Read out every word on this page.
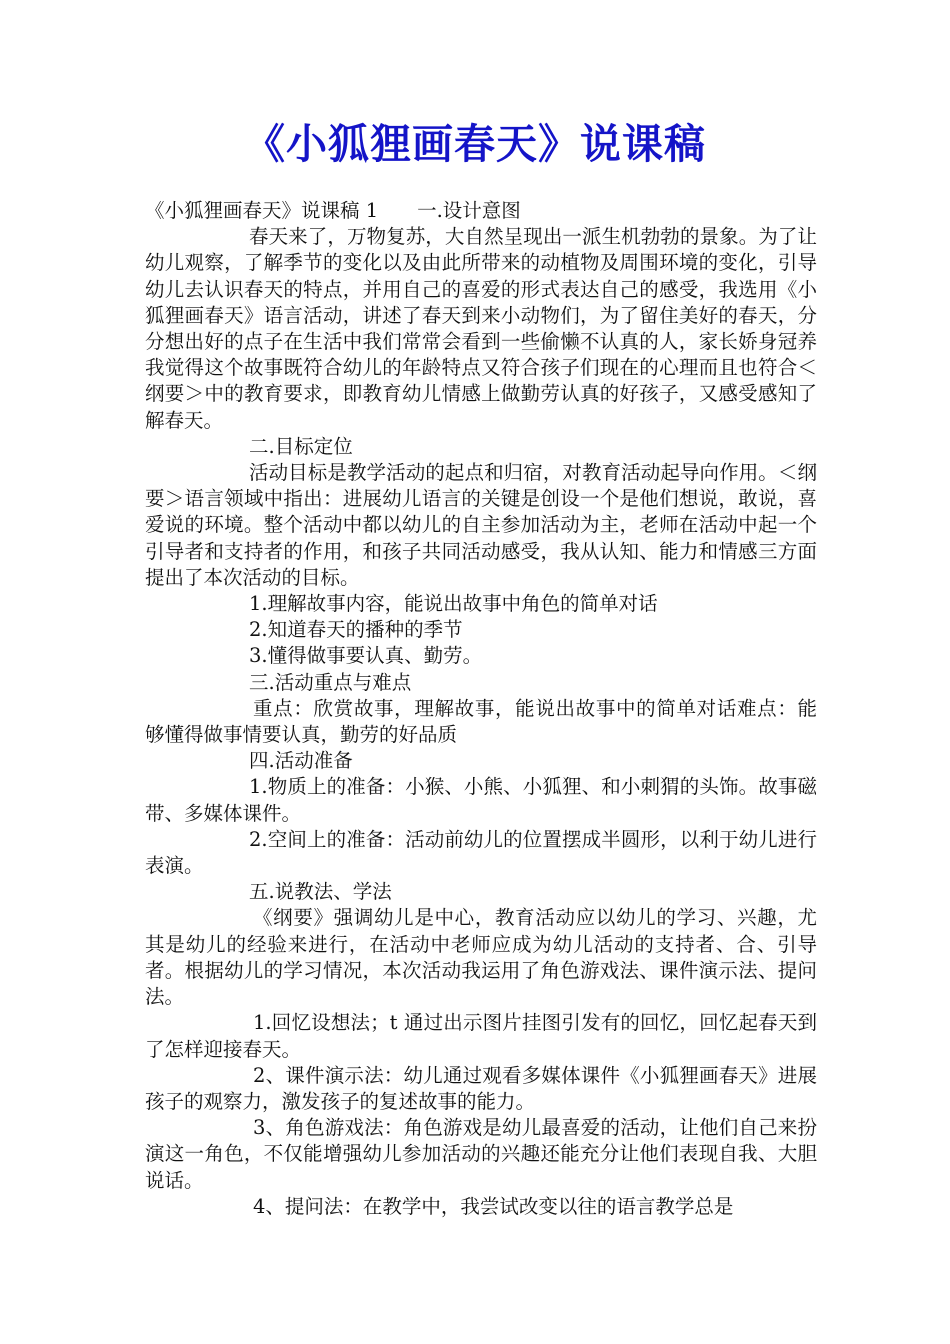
《小狐狸画春天》说课稿

《小狐狸画春天》说课稿 1　　一.设计意图

春天来了，万物复苏，大自然呈现出一派生机勃勃的景象。为了让幼儿观察，了解季节的变化以及由此所带来的动植物及周围环境的变化，引导幼儿去认识春天的特点，并用自己的喜爱的形式表达自己的感受，我选用《小狐狸画春天》语言活动，讲述了春天到来小动物们，为了留住美好的春天，分分想出好的点子在生活中我们常常会看到一些偷懒不认真的人，家长娇身冠养我觉得这个故事既符合幼儿的年龄特点又符合孩子们现在的心理而且也符合＜纲要＞中的教育要求，即教育幼儿情感上做勤劳认真的好孩子，又感受感知了解春天。

二.目标定位

活动目标是教学活动的起点和归宿，对教育活动起导向作用。＜纲要＞语言领域中指出：进展幼儿语言的关键是创设一个是他们想说，敢说，喜爱说的环境。整个活动中都以幼儿的自主参加活动为主，老师在活动中起一个引导者和支持者的作用，和孩子共同活动感受，我从认知、能力和情感三方面提出了本次活动的目标。

1.理解故事内容，能说出故事中角色的简单对话

2.知道春天的播种的季节

3.懂得做事要认真、勤劳。

三.活动重点与难点

重点：欣赏故事，理解故事，能说出故事中的简单对话难点：能够懂得做事情要认真，勤劳的好品质

四.活动准备

1.物质上的准备：小猴、小熊、小狐狸、和小刺猬的头饰。故事磁带、多媒体课件。

2.空间上的准备：活动前幼儿的位置摆成半圆形，以利于幼儿进行表演。

五.说教法、学法

《纲要》强调幼儿是中心，教育活动应以幼儿的学习、兴趣，尤其是幼儿的经验来进行，在活动中老师应成为幼儿活动的支持者、合、引导者。根据幼儿的学习情况，本次活动我运用了角色游戏法、课件演示法、提问法。

1.回忆设想法；t 通过出示图片挂图引发有的回忆，回忆起春天到了怎样迎接春天。

2、课件演示法：幼儿通过观看多媒体课件《小狐狸画春天》进展孩子的观察力，激发孩子的复述故事的能力。

3、角色游戏法：角色游戏是幼儿最喜爱的活动，让他们自己来扮演这一角色，不仅能增强幼儿参加活动的兴趣还能充分让他们表现自我、大胆说话。

4、提问法：在教学中，我尝试改变以往的语言教学总是
